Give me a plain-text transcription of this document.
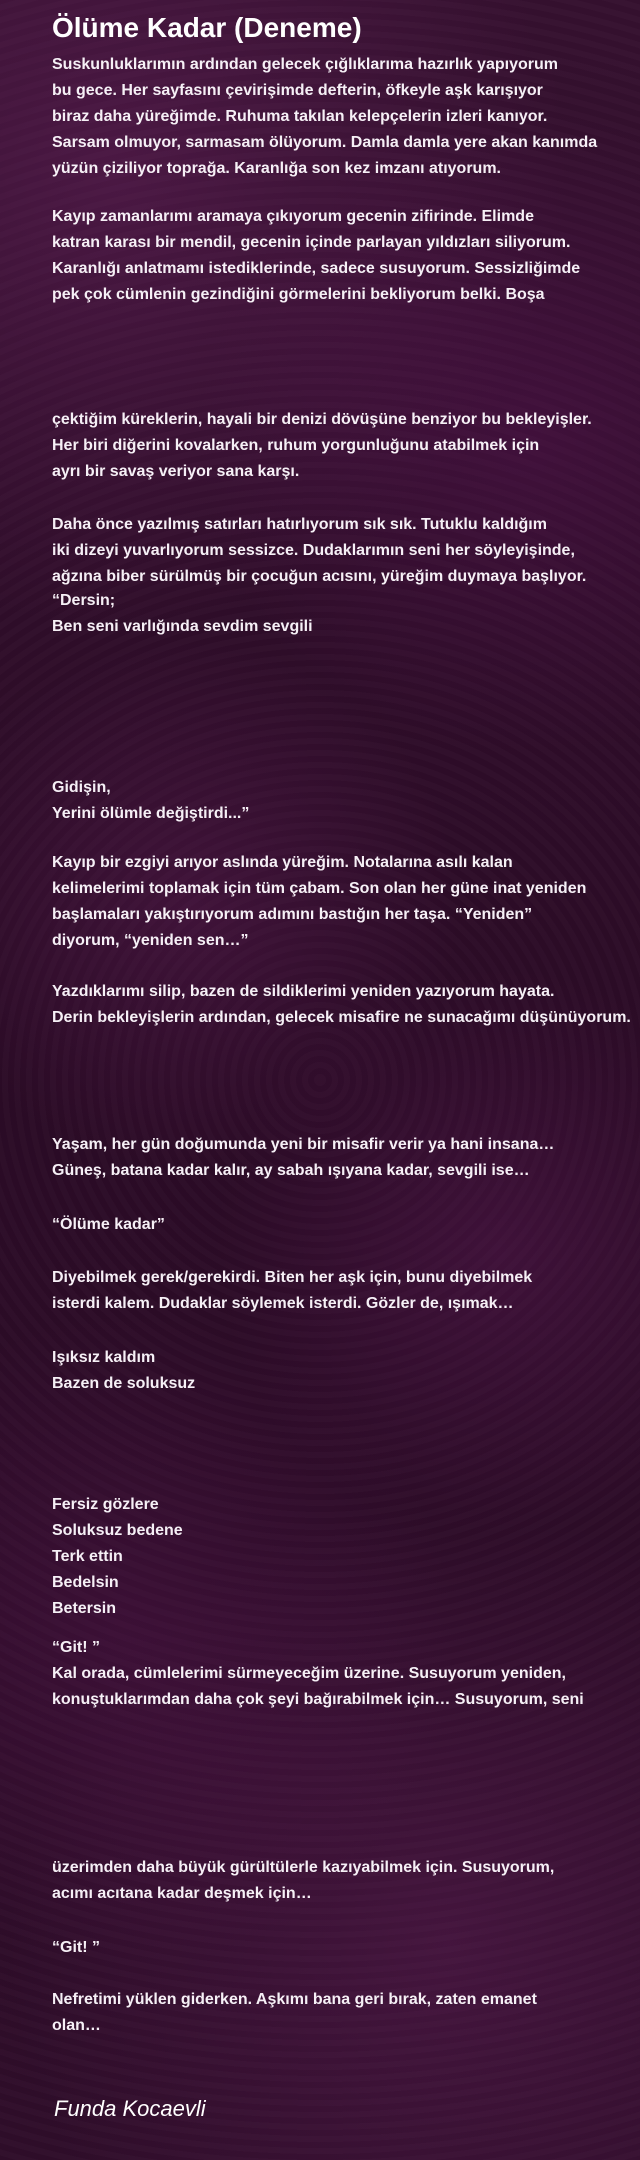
Ölüme Kadar (Deneme)
Suskunluklarımın ardından gelecek çığlıklarıma hazırlık yapıyorum
bu gece. Her sayfasını çevirişimde defterin, öfkeyle aşk karışıyor
biraz daha yüreğimde. Ruhuma takılan kelepçelerin izleri kanıyor.
Sarsam olmuyor, sarmasam ölüyorum. Damla damla yere akan kanımda
yüzün çiziliyor toprağa. Karanlığa son kez imzanı atıyorum.
Kayıp zamanlarımı aramaya çıkıyorum gecenin zifirinde. Elimde
katran karası bir mendil, gecenin içinde parlayan yıldızları siliyorum.
Karanlığı anlatmamı istediklerinde, sadece susuyorum. Sessizliğimde
pek çok cümlenin gezindiğini görmelerini bekliyorum belki. Boşa
çektiğim küreklerin, hayali bir denizi dövüşüne benziyor bu bekleyişler.
Her biri diğerini kovalarken, ruhum yorgunluğunu atabilmek için
ayrı bir savaş veriyor sana karşı.
Daha önce yazılmış satırları hatırlıyorum sık sık. Tutuklu kaldığım
iki dizeyi yuvarlıyorum sessizce. Dudaklarımın seni her söyleyişinde,
ağzına biber sürülmüş bir çocuğun acısını, yüreğim duymaya başlıyor.
“Dersin;
Ben seni varlığında sevdim sevgili
Gidişin,
Yerini ölümle değiştirdi...”
Kayıp bir ezgiyi arıyor aslında yüreğim. Notalarına asılı kalan
kelimelerimi toplamak için tüm çabam. Son olan her güne inat yeniden
başlamaları yakıştırıyorum adımını bastığın her taşa. “Yeniden”
diyorum, “yeniden sen…”
Yazdıklarımı silip, bazen de sildiklerimi yeniden yazıyorum hayata.
Derin bekleyişlerin ardından, gelecek misafire ne sunacağımı düşünüyorum.
Yaşam, her gün doğumunda yeni bir misafir verir ya hani insana…
Güneş, batana kadar kalır, ay sabah ışıyana kadar, sevgili ise…
“Ölüme kadar”
Diyebilmek gerek/gerekirdi. Biten her aşk için, bunu diyebilmek
isterdi kalem. Dudaklar söylemek isterdi. Gözler de, ışımak…
Işıksız kaldım
Bazen de soluksuz
Fersiz gözlere
Soluksuz bedene
Terk ettin
Bedelsin
Betersin
“Git! ”
Kal orada, cümlelerimi sürmeyeceğim üzerine. Susuyorum yeniden,
konuştuklarımdan daha çok şeyi bağırabilmek için… Susuyorum, seni
üzerimden daha büyük gürültülerle kazıyabilmek için. Susuyorum,
acımı acıtana kadar deşmek için…
“Git! ”
Nefretimi yüklen giderken. Aşkımı bana geri bırak, zaten emanet
olan…
Funda Kocaevli
